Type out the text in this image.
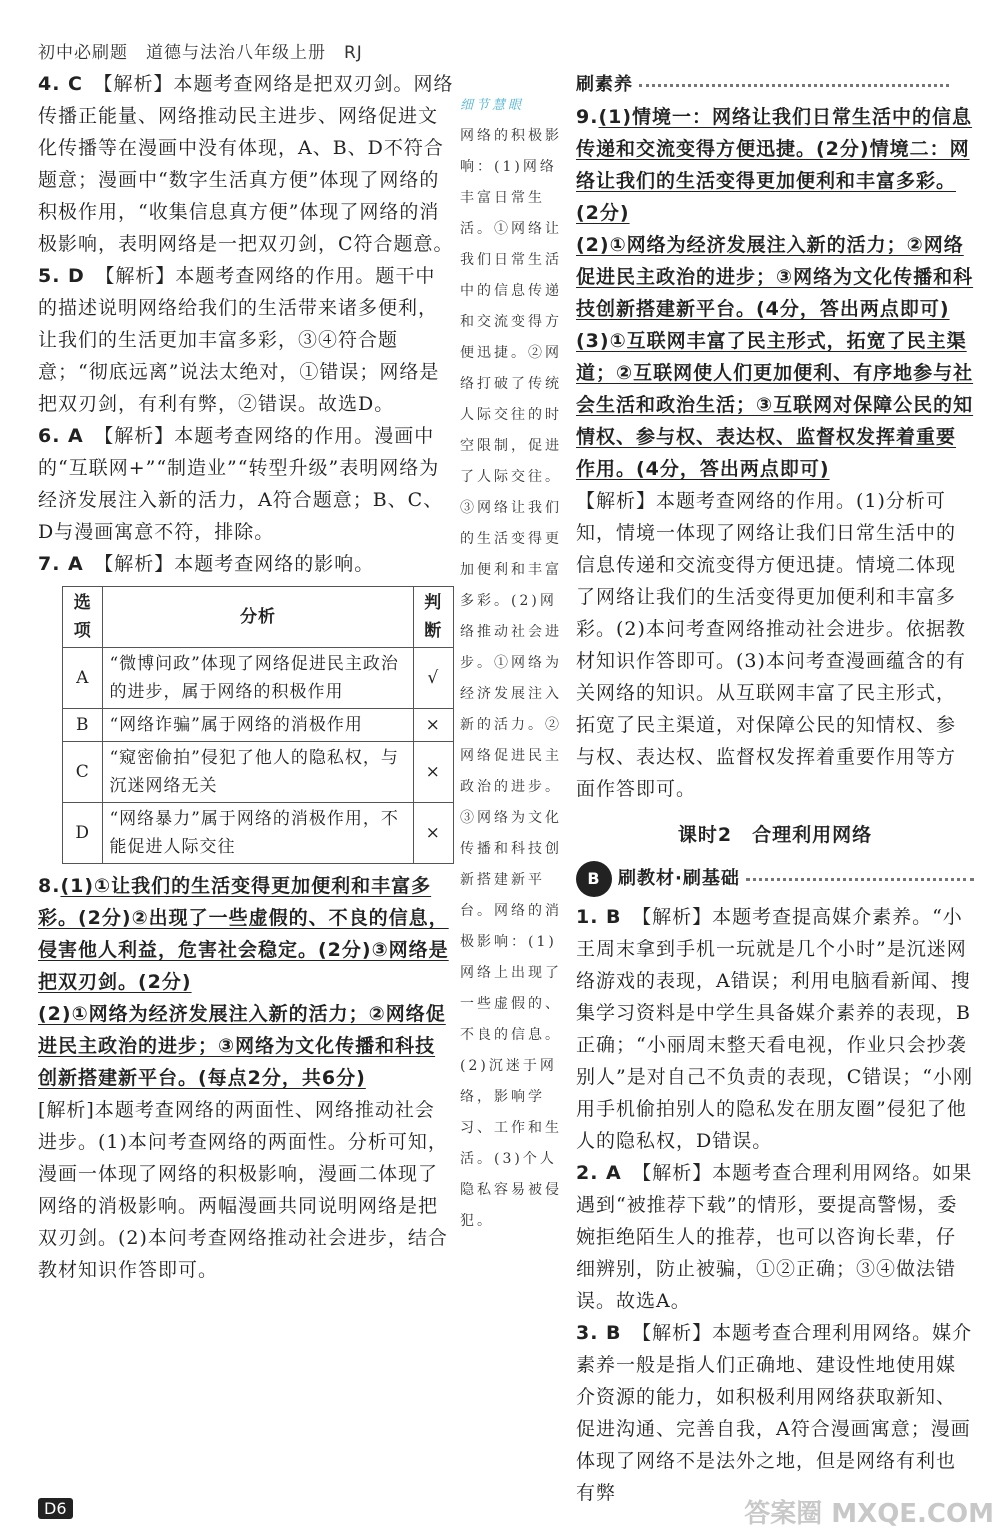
初中必刷题　道德与法治八年级上册　RJ

4. C　 【解析】本题考查网络是把双刃剑。网络传播正能量、网络推动民主进步、网络促进文化传播等在漫画中没有体现，A、B、D不符合题意；漫画中“数字生活真方便”体现了网络的积极作用，“收集信息真方便”体现了网络的消极影响，表明网络是一把双刃剑，C符合题意。

5. D　 【解析】本题考查网络的作用。题干中的描述说明网络给我们的生活带来诸多便利，让我们的生活更加丰富多彩，③④符合题意；“彻底远离”说法太绝对，①错误；网络是把双刃剑，有利有弊，②错误。故选D。

6. A　 【解析】本题考查网络的作用。漫画中的“互联网+”“制造业”“转型升级”表明网络为经济发展注入新的活力，A符合题意；B、C、D与漫画寓意不符，排除。

7. A　 【解析】本题考查网络的影响。

选项	分析	判断
A	“微博问政”体现了网络促进民主政治的进步，属于网络的积极作用	√
B	“网络诈骗”属于网络的消极作用	×
C	“窥密偷拍”侵犯了他人的隐私权，与沉迷网络无关	×
D	“网络暴力”属于网络的消极作用，不能促进人际交往	×

8.(1)①让我们的生活变得更加便利和丰富多彩。(2分)②出现了一些虚假的、不良的信息，侵害他人利益，危害社会稳定。(2分)③网络是把双刃剑。(2分)

(2)①网络为经济发展注入新的活力；②网络促进民主政治的进步；③网络为文化传播和科技创新搭建新平台。(每点2分，共6分)

[解析]本题考查网络的两面性、网络推动社会进步。(1)本问考查网络的两面性。分析可知，漫画一体现了网络的积极影响，漫画二体现了网络的消极影响。两幅漫画共同说明网络是把双刃剑。(2)本问考查网络推动社会进步，结合教材知识作答即可。

细节慧眼
网络的积极影响：(1)网络丰富日常生活。①网络让我们日常生活中的信息传递和交流变得方便迅捷。②网络打破了传统人际交往的时空限制，促进了人际交往。③网络让我们的生活变得更加便利和丰富多彩。(2)网络推动社会进步。①网络为经济发展注入新的活力。②网络促进民主政治的进步。③网络为文化传播和科技创新搭建新平台。网络的消极影响：(1)网络上出现了一些虚假的、不良的信息。(2)沉迷于网络，影响学习、工作和生活。(3)个人隐私容易被侵犯。
刷素养

9.(1)情境一：网络让我们日常生活中的信息传递和交流变得方便迅捷。(2分)情境二：网络让我们的生活变得更加便利和丰富多彩。(2分)

(2)①网络为经济发展注入新的活力；②网络促进民主政治的进步；③网络为文化传播和科技创新搭建新平台。(4分，答出两点即可)

(3)①互联网丰富了民主形式，拓宽了民主渠道；②互联网使人们更加便利、有序地参与社会生活和政治生活；③互联网对保障公民的知情权、参与权、表达权、监督权发挥着重要作用。(4分，答出两点即可)

【解析】本题考查网络的作用。(1)分析可知，情境一体现了网络让我们日常生活中的信息传递和交流变得方便迅捷。情境二体现了网络让我们的生活变得更加便利和丰富多彩。(2)本问考查网络推动社会进步。依据教材知识作答即可。(3)本问考查漫画蕴含的有关网络的知识。从互联网丰富了民主形式，拓宽了民主渠道，对保障公民的知情权、参与权、表达权、监督权发挥着重要作用等方面作答即可。

课时2　合理利用网络
B 刷教材·刷基础

1. B　 【解析】本题考查提高媒介素养。“小王周末拿到手机一玩就是几个小时”是沉迷网络游戏的表现，A错误；利用电脑看新闻、搜集学习资料是中学生具备媒介素养的表现，B正确；“小丽周末整天看电视，作业只会抄袭别人”是对自己不负责的表现，C错误；“小刚用手机偷拍别人的隐私发在朋友圈”侵犯了他人的隐私权，D错误。

2. A　 【解析】本题考查合理利用网络。如果遇到“被推荐下载”的情形，要提高警惕，委婉拒绝陌生人的推荐，也可以咨询长辈，仔细辨别，防止被骗，①②正确；③④做法错误。故选A。

3. B　 【解析】本题考查合理利用网络。媒介素养一般是指人们正确地、建设性地使用媒介资源的能力，如积极利用网络获取新知、促进沟通、完善自我，A符合漫画寓意；漫画体现了网络不是法外之地，但是网络有利也有弊

D6	答案圈 MXQE.COM
